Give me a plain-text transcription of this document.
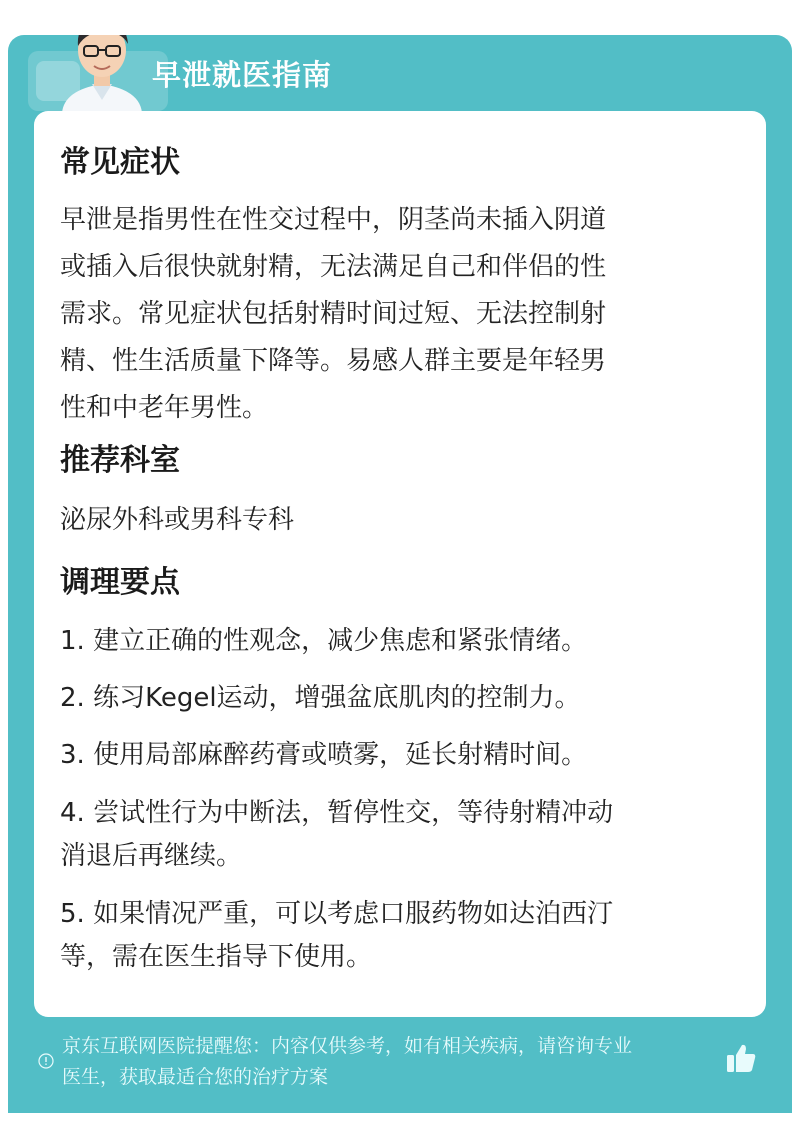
早泄就医指南
常见症状
早泄是指男性在性交过程中，阴茎尚未插入阴道
或插入后很快就射精，无法满足自己和伴侣的性
需求。常见症状包括射精时间过短、无法控制射
精、性生活质量下降等。易感人群主要是年轻男
性和中老年男性。
推荐科室
泌尿外科或男科专科
调理要点
1. 建立正确的性观念，减少焦虑和紧张情绪。
2. 练习Kegel运动，增强盆底肌肉的控制力。
3. 使用局部麻醉药膏或喷雾，延长射精时间。
4. 尝试性行为中断法，暂停性交，等待射精冲动
消退后再继续。
5. 如果情况严重，可以考虑口服药物如达泊西汀
等，需在医生指导下使用。
京东互联网医院提醒您：内容仅供参考，如有相关疾病，请咨询专业
医生，获取最适合您的治疗方案
